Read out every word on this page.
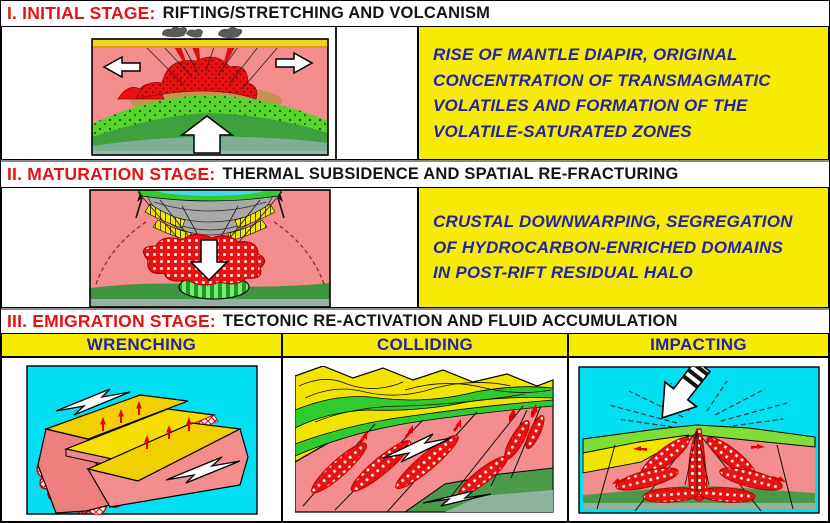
I. INITIAL STAGE: RIFTING/STRETCHING AND VOLCANISM

RISE OF MANTLE DIAPIR, ORIGINAL CONCENTRATION OF TRANSMAGMATIC VOLATILES AND FORMATION OF THE VOLATILE-SATURATED ZONES

II. MATURATION STAGE: THERMAL SUBSIDENCE AND SPATIAL RE-FRACTURING

CRUSTAL DOWNWARPING, SEGREGATION OF HYDROCARBON-ENRICHED DOMAINS IN POST-RIFT RESIDUAL HALO

III. EMIGRATION STAGE: TECTONIC RE-ACTIVATION AND FLUID ACCUMULATION
WRENCHING	COLLIDING	IMPACTING
